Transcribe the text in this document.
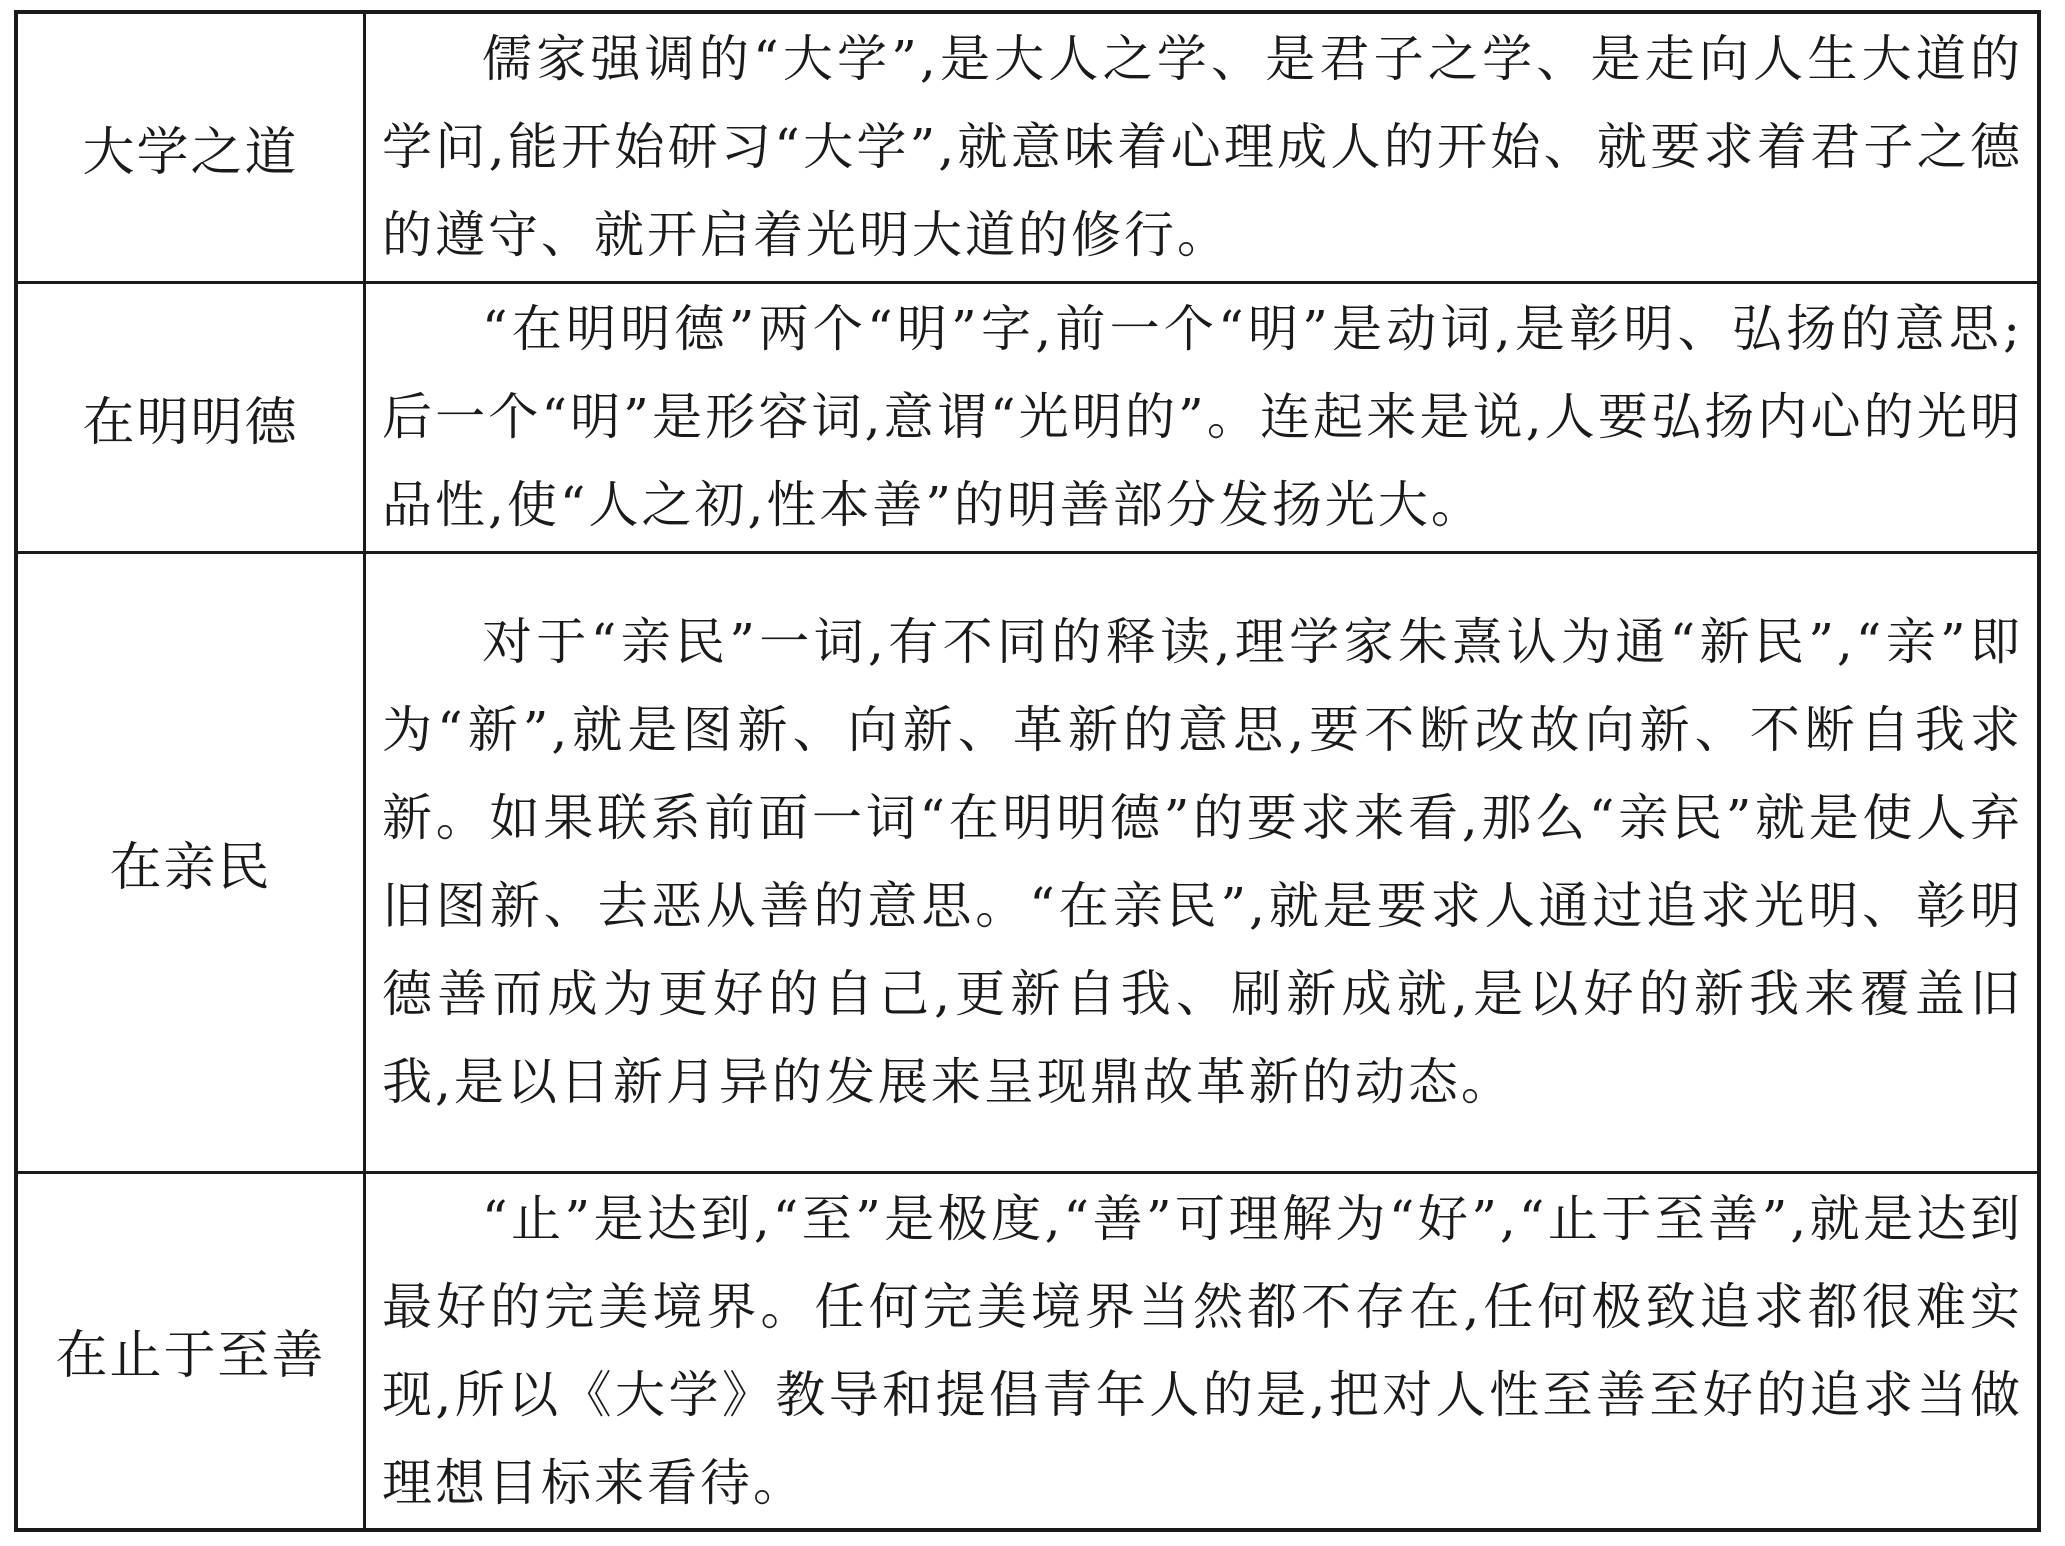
大学之道	儒家强调的“大学”,是大人之学、是君子之学、是走向人生大道的学问,能开始研习“大学”,就意味着心理成人的开始、就要求着君子之德的遵守、就开启着光明大道的修行。

在明明德	“在明明德”两个“明”字,前一个“明”是动词,是彰明、弘扬的意思;后一个“明”是形容词,意谓“光明的”。连起来是说,人要弘扬内心的光明品性,使“人之初,性本善”的明善部分发扬光大。

在亲民	对于“亲民”一词,有不同的释读,理学家朱熹认为通“新民”,“亲”即为“新”,就是图新、向新、革新的意思,要不断改故向新、不断自我求新。如果联系前面一词“在明明德”的要求来看,那么“亲民”就是使人弃旧图新、去恶从善的意思。“在亲民”,就是要求人通过追求光明、彰明德善而成为更好的自己,更新自我、刷新成就,是以好的新我来覆盖旧我,是以日新月异的发展来呈现鼎故革新的动态。

在止于至善	“止”是达到,“至”是极度,“善”可理解为“好”,“止于至善”,就是达到最好的完美境界。任何完美境界当然都不存在,任何极致追求都很难实现,所以《大学》教导和提倡青年人的是,把对人性至善至好的追求当做理想目标来看待。
